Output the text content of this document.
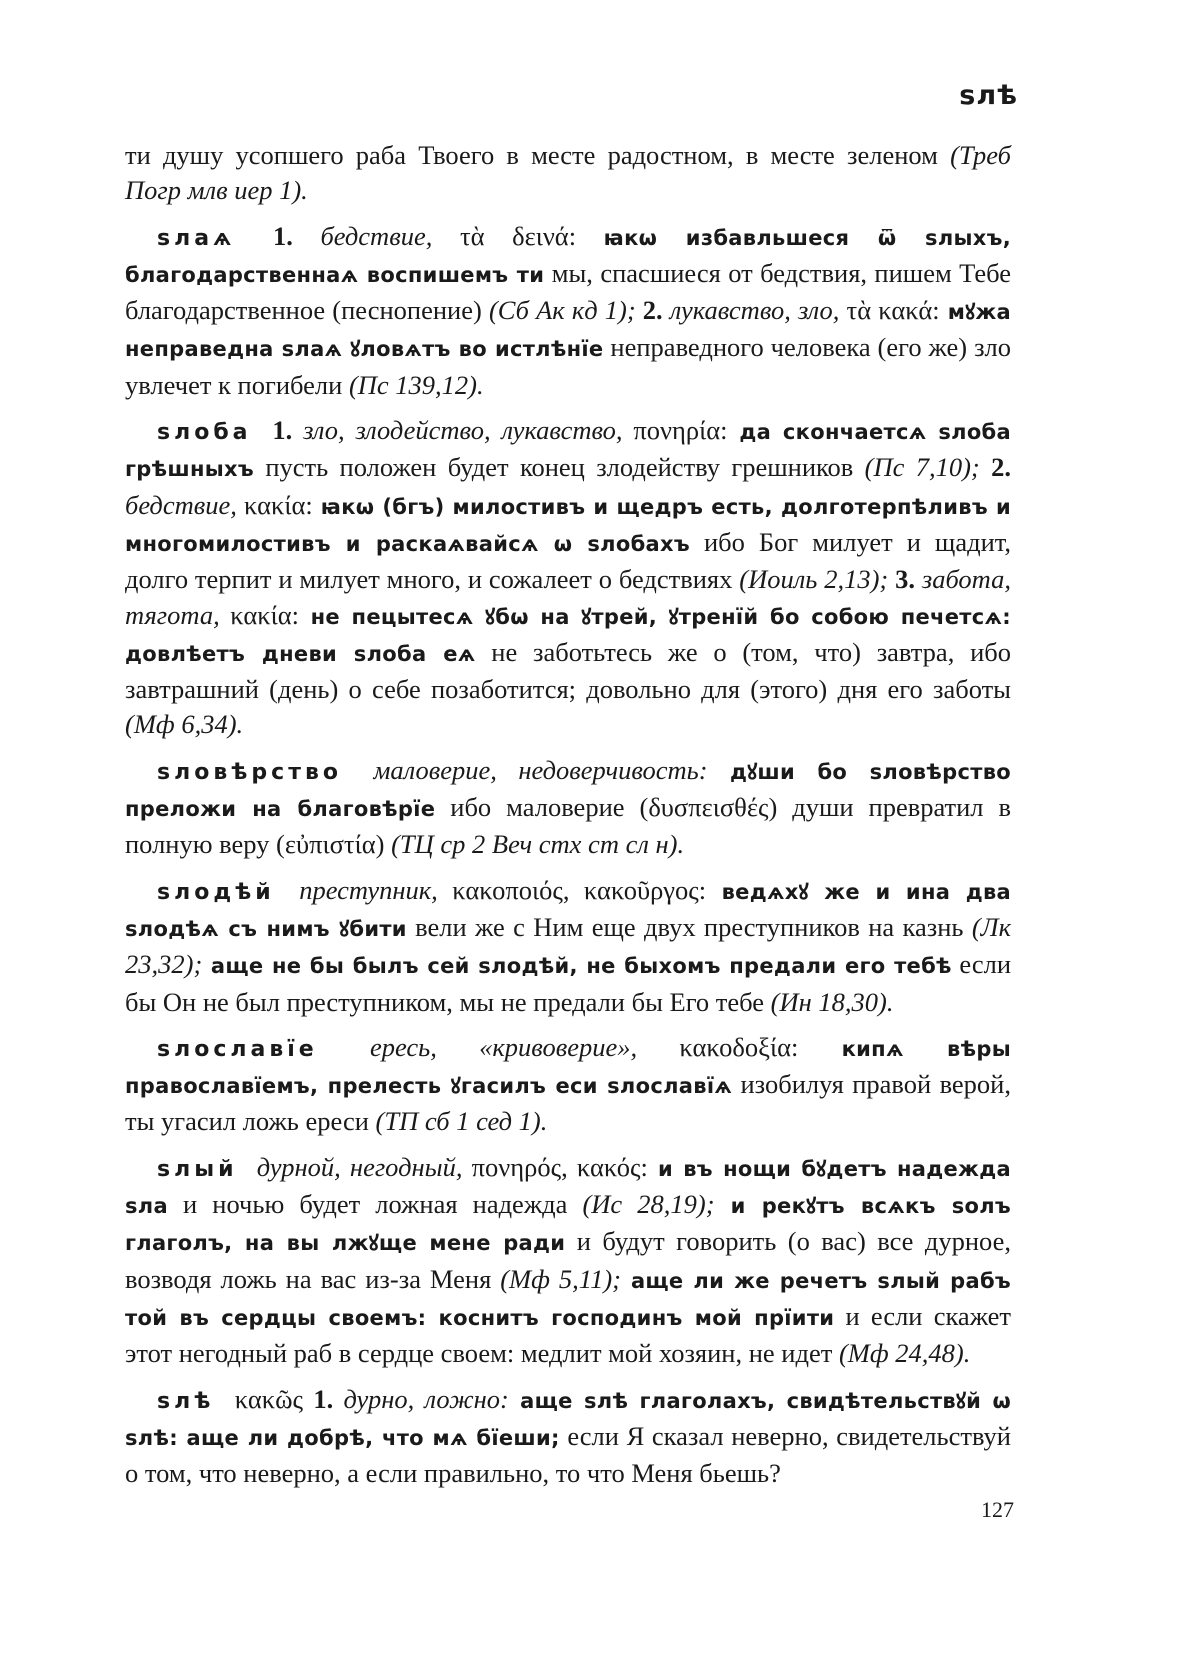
ѕлѣ

ти душу усопшего раба Твоего в месте радостном, в месте зеленом (Треб Погр млв иер 1).

ѕлаѧ 1. бедствие, τὰ δεινά: ꙗкѡ избавльшеся ѿ ѕлыхъ, благодарственнаѧ воспишемъ ти мы, спасшиеся от бедствия, пишем Тебе благодарственное (песнопение) (Сб Ак кд 1); 2. лукавство, зло, τὰ κακά: мꙋжа неправедна ѕлаѧ ꙋловѧтъ во истлѣнїе неправедного человека (его же) зло увлечет к погибели (Пс 139,12).

ѕлоба 1. зло, злодейство, лукавство, πονηρία: да скончаетсѧ ѕлоба грѣшныхъ пусть положен будет конец злодейству грешников (Пс 7,10); 2. бедствие, κακία: ꙗкѡ (бгъ) милостивъ и щедръ есть, долготерпѣливъ и многомилостивъ и раскаѧвайсѧ ѡ ѕлобахъ ибо Бог милует и щадит, долго терпит и милует много, и сожалеет о бедствиях (Иоиль 2,13); 3. забота, тягота, κακία: не пецытесѧ ꙋбѡ на ꙋтрей, ꙋтренїй бо собою печетсѧ: довлѣетъ дневи ѕлоба еѧ не заботьтесь же о (том, что) завтра, ибо завтрашний (день) о себе позаботится; довольно для (этого) дня его заботы (Мф 6,34).

ѕловѣрство маловерие, недоверчивость: дꙋши бо ѕловѣрство преложи на благовѣрїе ибо маловерие (δυσπεισθές) души превратил в полную веру (εὐπιστία) (ТЦ ср 2 Веч стх ст сл н).

ѕлодѣй преступник, κακοποιός, κακοῦργος: ведѧхꙋ же и ина два ѕлодѣѧ съ нимъ ꙋбити вели же с Ним еще двух преступников на казнь (Лк 23,32); аще не бы былъ сей ѕлодѣй, не быхомъ предали его тебѣ если бы Он не был преступником, мы не предали бы Его тебе (Ин 18,30).

ѕлославїе ересь, «кривоверие», κακοδοξία: кипѧ вѣры православїемъ, прелесть ꙋгасилъ еси ѕлославїѧ изобилуя правой верой, ты угасил ложь ереси (ТП сб 1 сед 1).

ѕлый дурной, негодный, πονηρός, κακός: и въ нощи бꙋдетъ надежда ѕла и ночью будет ложная надежда (Ис 28,19); и рекꙋтъ всѧкъ ѕолъ глаголъ, на вы лжꙋще мене ради и будут говорить (о вас) все дурное, возводя ложь на вас из-за Меня (Мф 5,11); аще ли же речетъ ѕлый рабъ той въ сердцы своемъ: коснитъ господинъ мой прїити и если скажет этот негодный раб в сердце своем: медлит мой хозяин, не идет (Мф 24,48).

ѕлѣ κακῶς 1. дурно, ложно: аще ѕлѣ глаголахъ, свидѣтельствꙋй ѡ ѕлѣ: аще ли добрѣ, что мѧ бїеши; если Я сказал неверно, свидетельствуй о том, что неверно, а если правильно, то что Меня бьешь?

127
